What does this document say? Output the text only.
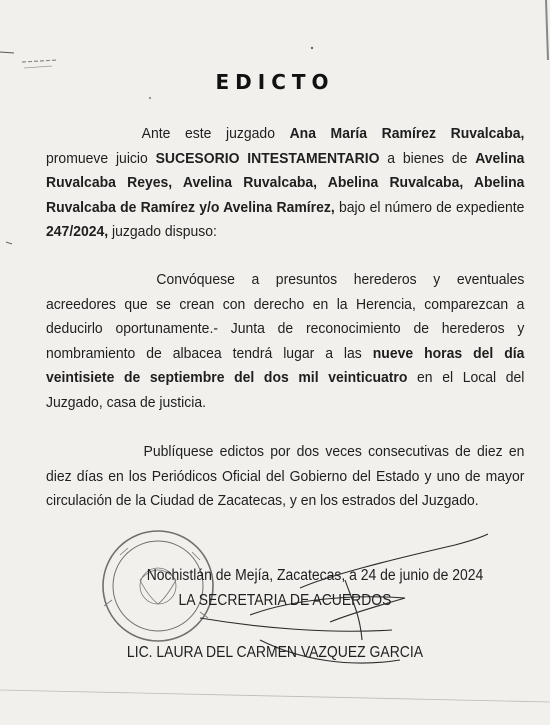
EDICTO
Ante este juzgado Ana María Ramírez Ruvalcaba, promueve juicio SUCESORIO INTESTAMENTARIO a bienes de Avelina Ruvalcaba Reyes, Avelina Ruvalcaba, Abelina Ruvalcaba, Abelina Ruvalcaba de Ramírez y/o Avelina Ramírez, bajo el número de expediente 247/2024, juzgado dispuso:
Convóquese a presuntos herederos y eventuales acreedores que se crean con derecho en la Herencia, comparezcan a deducirlo oportunamente.- Junta de reconocimiento de herederos y nombramiento de albacea tendrá lugar a las nueve horas del día veintisiete de septiembre del dos mil veinticuatro en el Local del Juzgado, casa de justicia.
Publíquese edictos por dos veces consecutivas de diez en diez días en los Periódicos Oficial del Gobierno del Estado y uno de mayor circulación de la Ciudad de Zacatecas, y en los estrados del Juzgado.
Nochistlán de Mejía, Zacatecas, a 24 de junio de 2024
LA SECRETARIA DE ACUERDOS
LIC. LAURA DEL CARMEN VAZQUEZ GARCIA
